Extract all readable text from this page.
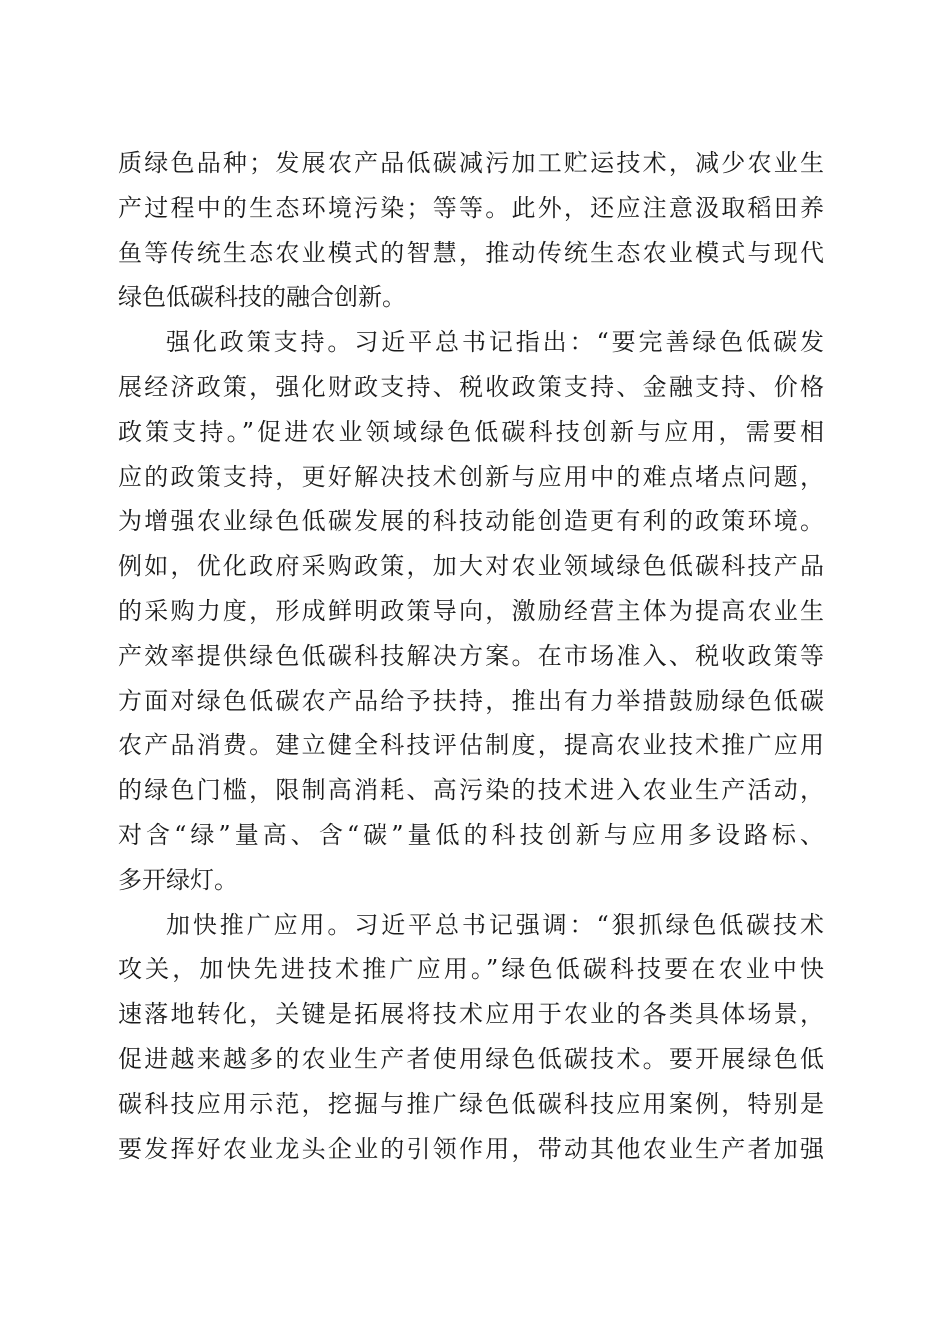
质绿色品种；发展农产品低碳减污加工贮运技术，减少农业生
产过程中的生态环境污染；等等。此外，还应注意汲取稻田养
鱼等传统生态农业模式的智慧，推动传统生态农业模式与现代
绿色低碳科技的融合创新。
强化政策支持。习近平总书记指出：“要完善绿色低碳发
展经济政策，强化财政支持、税收政策支持、金融支持、价格
政策支持。”促进农业领域绿色低碳科技创新与应用，需要相
应的政策支持，更好解决技术创新与应用中的难点堵点问题，
为增强农业绿色低碳发展的科技动能创造更有利的政策环境。
例如，优化政府采购政策，加大对农业领域绿色低碳科技产品
的采购力度，形成鲜明政策导向，激励经营主体为提高农业生
产效率提供绿色低碳科技解决方案。在市场准入、税收政策等
方面对绿色低碳农产品给予扶持，推出有力举措鼓励绿色低碳
农产品消费。建立健全科技评估制度，提高农业技术推广应用
的绿色门槛，限制高消耗、高污染的技术进入农业生产活动，
对含“绿”量高、含“碳”量低的科技创新与应用多设路标、
多开绿灯。
加快推广应用。习近平总书记强调：“狠抓绿色低碳技术
攻关，加快先进技术推广应用。”绿色低碳科技要在农业中快
速落地转化，关键是拓展将技术应用于农业的各类具体场景，
促进越来越多的农业生产者使用绿色低碳技术。要开展绿色低
碳科技应用示范，挖掘与推广绿色低碳科技应用案例，特别是
要发挥好农业龙头企业的引领作用，带动其他农业生产者加强
